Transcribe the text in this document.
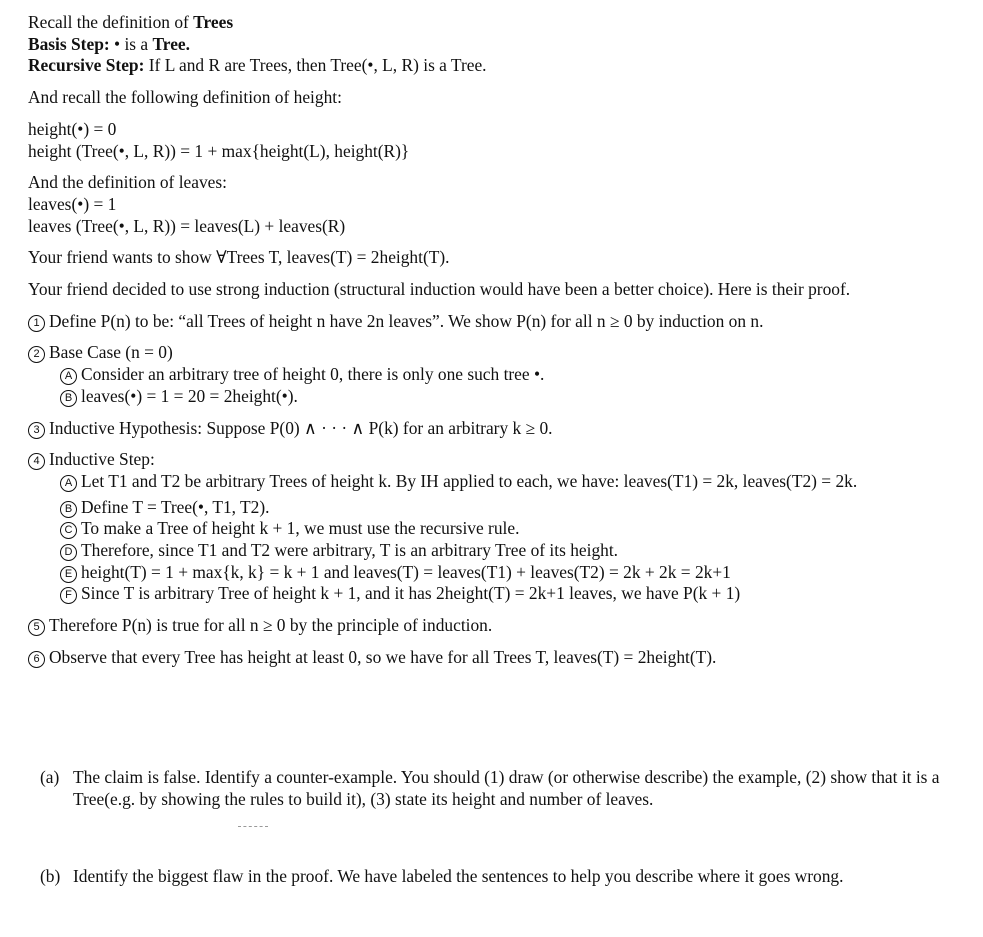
Recall the definition of Trees

Basis Step: • is a Tree.

Recursive Step: If L and R are Trees, then Tree(•, L, R) is a Tree.

And recall the following definition of height:

height(•) = 0

height (Tree(•, L, R)) = 1 + max{height(L), height(R)}

And the definition of leaves:

leaves(•) = 1

leaves (Tree(•, L, R)) = leaves(L) + leaves(R)

Your friend wants to show ∀Trees T, leaves(T) = 2height(T).

Your friend decided to use strong induction (structural induction would have been a better choice). Here is their proof.

1 Define P(n) to be: “all Trees of height n have 2n leaves”. We show P(n) for all n ≥ 0 by induction on n.

2 Base Case (n = 0)

A Consider an arbitrary tree of height 0, there is only one such tree •.

B leaves(•) = 1 = 20 = 2height(•).

3 Inductive Hypothesis: Suppose P(0) ∧ · · · ∧ P(k) for an arbitrary k ≥ 0.

4 Inductive Step:

A Let T1 and T2 be arbitrary Trees of height k. By IH applied to each, we have: leaves(T1) = 2k, leaves(T2) = 2k.

B Define T = Tree(•, T1, T2).

C To make a Tree of height k + 1, we must use the recursive rule.

D Therefore, since T1 and T2 were arbitrary, T is an arbitrary Tree of its height.

E height(T) = 1 + max{k, k} = k + 1 and leaves(T) = leaves(T1) + leaves(T2) = 2k + 2k = 2k+1

F Since T is arbitrary Tree of height k + 1, and it has 2height(T) = 2k+1 leaves, we have P(k + 1)

5 Therefore P(n) is true for all n ≥ 0 by the principle of induction.

6 Observe that every Tree has height at least 0, so we have for all Trees T, leaves(T) = 2height(T).

(a) The claim is false. Identify a counter-example. You should (1) draw (or otherwise describe) the example, (2) show that it is a Tree(e.g. by showing the rules to build it), (3) state its height and number of leaves.

(b) Identify the biggest flaw in the proof. We have labeled the sentences to help you describe where it goes wrong.
